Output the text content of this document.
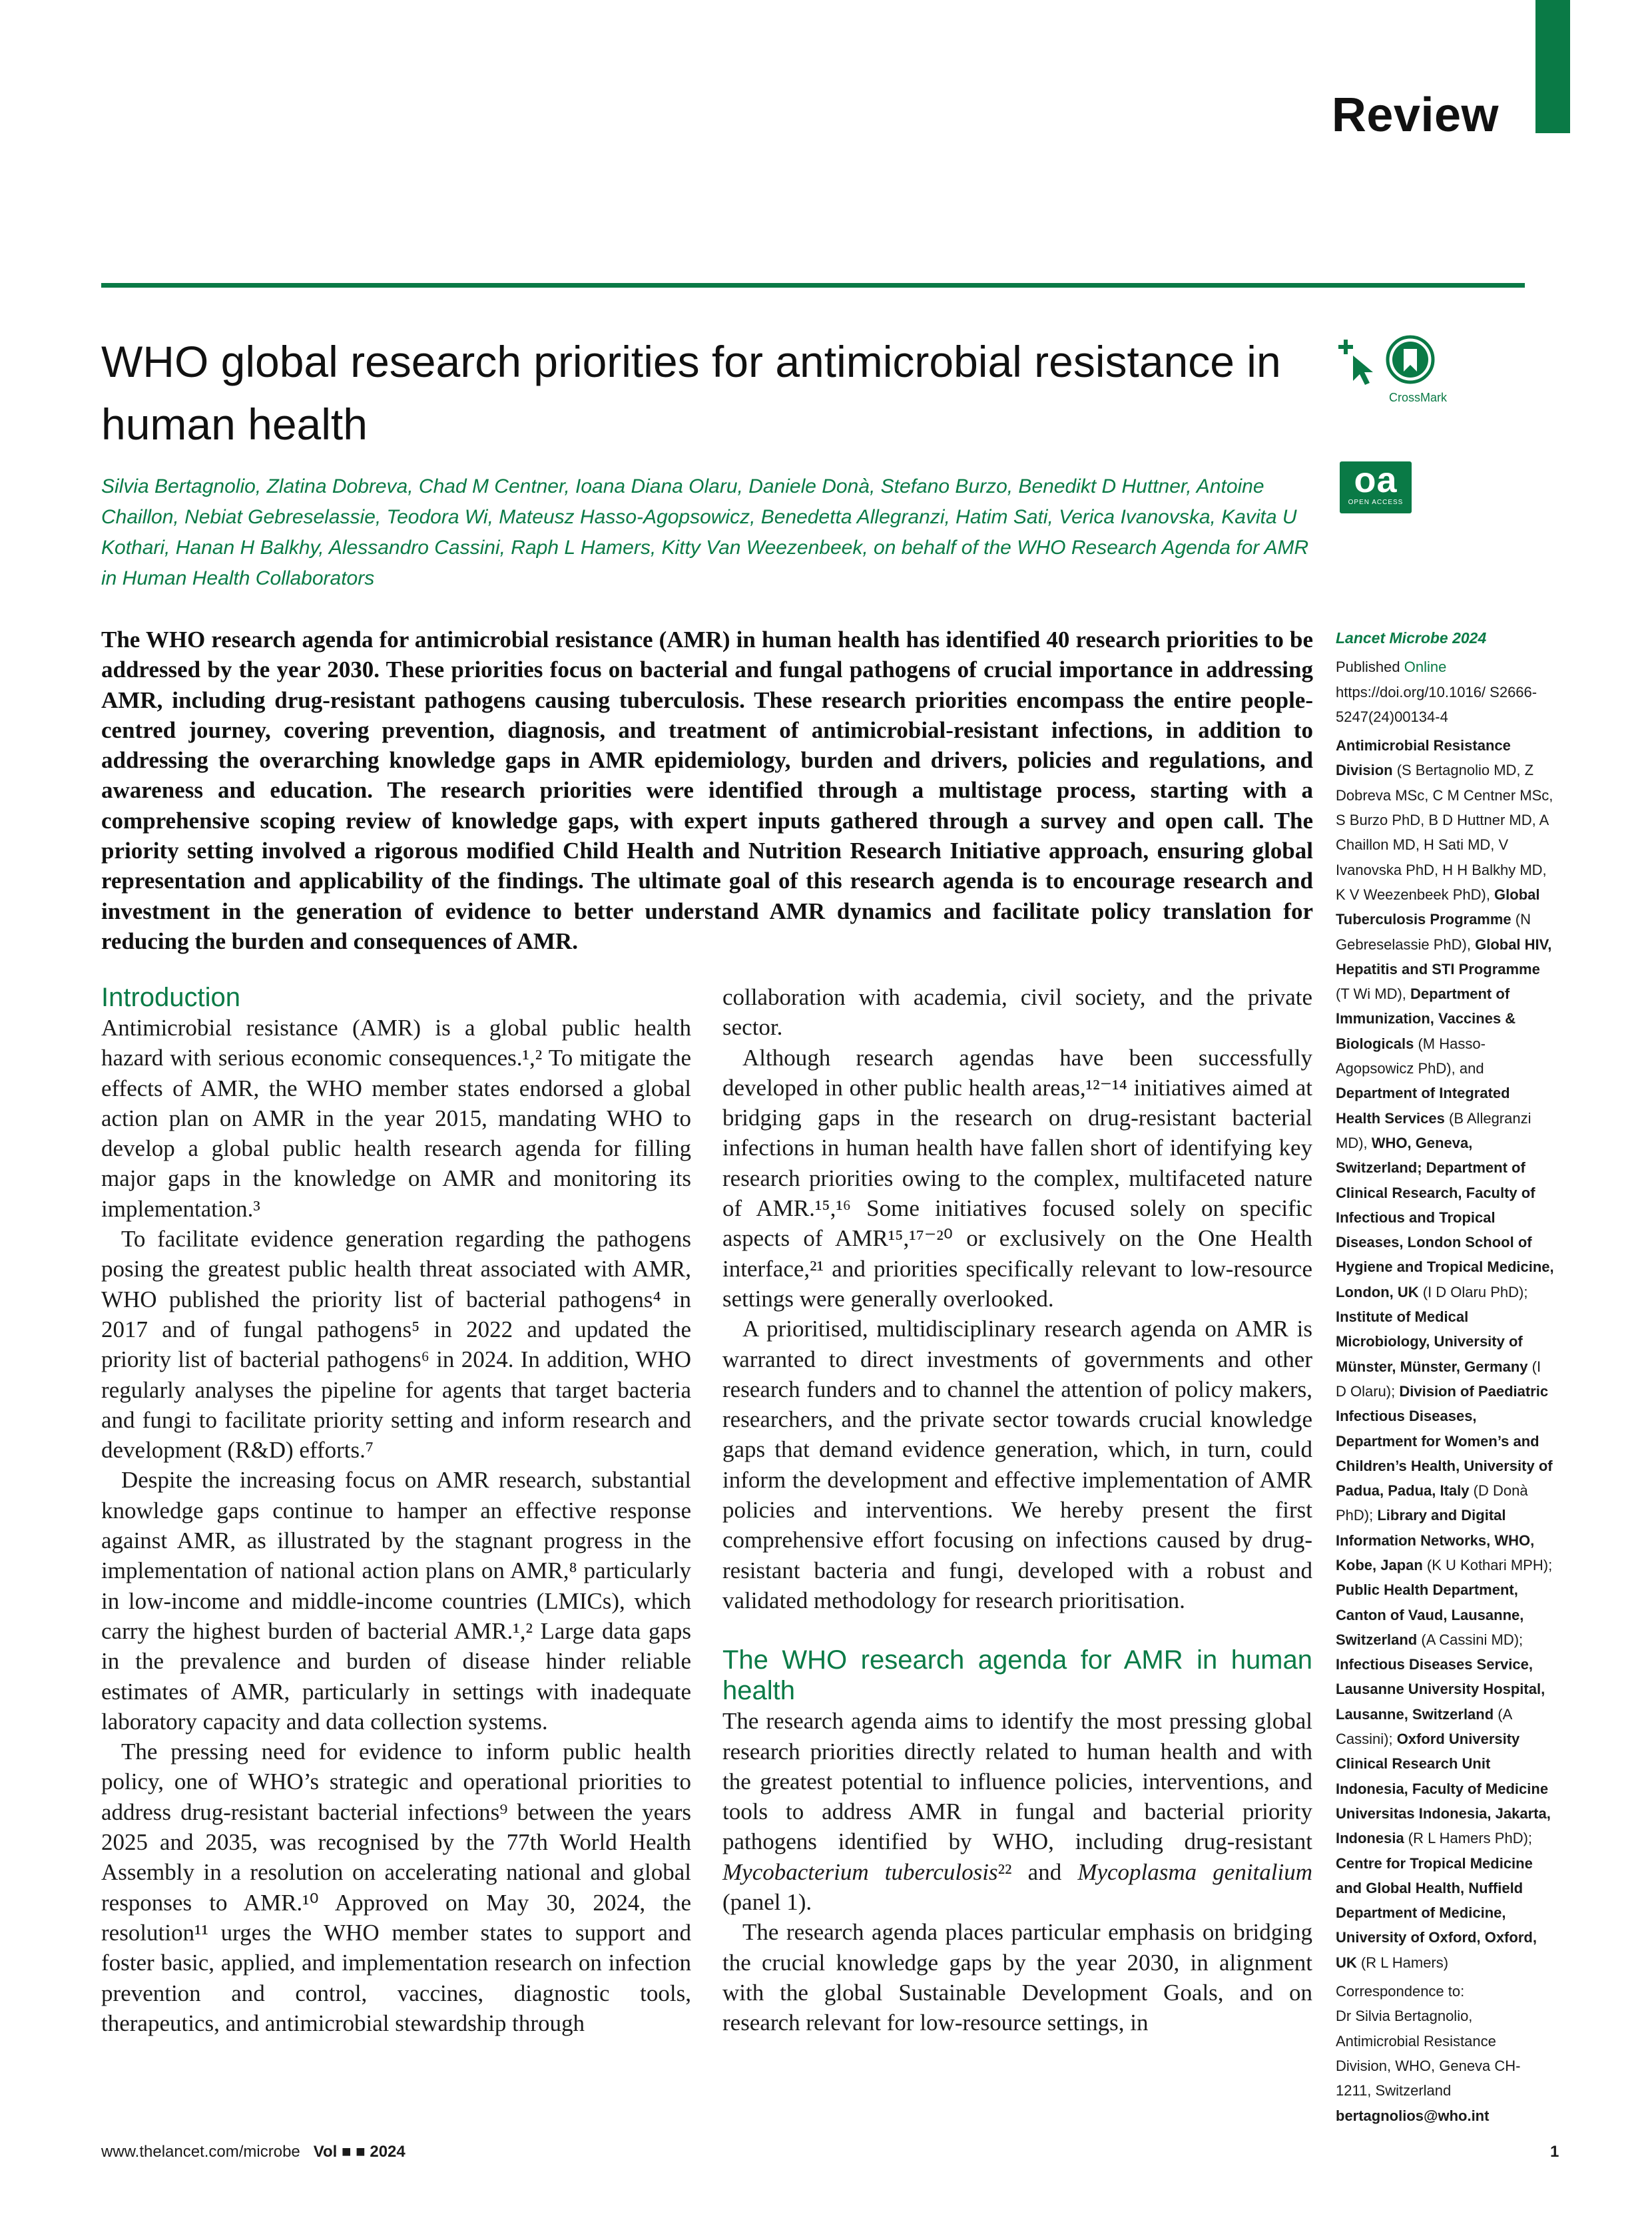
Review
WHO global research priorities for antimicrobial resistance in human health
Silvia Bertagnolio, Zlatina Dobreva, Chad M Centner, Ioana Diana Olaru, Daniele Donà, Stefano Burzo, Benedikt D Huttner, Antoine Chaillon, Nebiat Gebreselassie, Teodora Wi, Mateusz Hasso-Agopsowicz, Benedetta Allegranzi, Hatim Sati, Verica Ivanovska, Kavita U Kothari, Hanan H Balkhy, Alessandro Cassini, Raph L Hamers, Kitty Van Weezenbeek, on behalf of the WHO Research Agenda for AMR in Human Health Collaborators
CrossMark
oa
OPEN ACCESS

The WHO research agenda for antimicrobial resistance (AMR) in human health has identified 40 research priorities to be addressed by the year 2030. These priorities focus on bacterial and fungal pathogens of crucial importance in addressing AMR, including drug-resistant pathogens causing tuberculosis. These research priorities encompass the entire people-centred journey, covering prevention, diagnosis, and treatment of antimicrobial-resistant infections, in addition to addressing the overarching knowledge gaps in AMR epidemiology, burden and drivers, policies and regulations, and awareness and education. The research priorities were identified through a multistage process, starting with a comprehensive scoping review of knowledge gaps, with expert inputs gathered through a survey and open call. The priority setting involved a rigorous modified Child Health and Nutrition Research Initiative approach, ensuring global representation and applicability of the findings. The ultimate goal of this research agenda is to encourage research and investment in the generation of evidence to better understand AMR dynamics and facilitate policy translation for reducing the burden and consequences of AMR.

Introduction

Antimicrobial resistance (AMR) is a global public health hazard with serious economic consequences.¹,² To mitigate the effects of AMR, the WHO member states endorsed a global action plan on AMR in the year 2015, mandating WHO to develop a global public health research agenda for filling major gaps in the knowledge on AMR and monitoring its implementation.³

To facilitate evidence generation regarding the pathogens posing the greatest public health threat associated with AMR, WHO published the priority list of bacterial pathogens⁴ in 2017 and of fungal pathogens⁵ in 2022 and updated the priority list of bacterial pathogens⁶ in 2024. In addition, WHO regularly analyses the pipeline for agents that target bacteria and fungi to facilitate priority setting and inform research and development (R&D) efforts.⁷

Despite the increasing focus on AMR research, substantial knowledge gaps continue to hamper an effective response against AMR, as illustrated by the stagnant progress in the implementation of national action plans on AMR,⁸ particularly in low-income and middle-income countries (LMICs), which carry the highest burden of bacterial AMR.¹,² Large data gaps in the prevalence and burden of disease hinder reliable estimates of AMR, particularly in settings with inadequate laboratory capacity and data collection systems.

The pressing need for evidence to inform public health policy, one of WHO’s strategic and operational priorities to address drug-resistant bacterial infections⁹ between the years 2025 and 2035, was recognised by the 77th World Health Assembly in a resolution on accelerating national and global responses to AMR.¹⁰ Approved on May 30, 2024, the resolution¹¹ urges the WHO member states to support and foster basic, applied, and implementation research on infection prevention and control, vaccines, diagnostic tools, therapeutics, and antimicrobial stewardship through

collaboration with academia, civil society, and the private sector.

Although research agendas have been successfully developed in other public health areas,¹²⁻¹⁴ initiatives aimed at bridging gaps in the research on drug-resistant bacterial infections in human health have fallen short of identifying key research priorities owing to the complex, multifaceted nature of AMR.¹⁵,¹⁶ Some initiatives focused solely on specific aspects of AMR¹⁵,¹⁷⁻²⁰ or exclusively on the One Health interface,²¹ and priorities specifically relevant to low-resource settings were generally overlooked.

A prioritised, multidisciplinary research agenda on AMR is warranted to direct investments of governments and other research funders and to channel the attention of policy makers, researchers, and the private sector towards crucial knowledge gaps that demand evidence generation, which, in turn, could inform the development and effective implementation of AMR policies and interventions. We hereby present the first comprehensive effort focusing on infections caused by drug-resistant bacteria and fungi, developed with a robust and validated methodology for research prioritisation.

The WHO research agenda for AMR in human health

The research agenda aims to identify the most pressing global research priorities directly related to human health and with the greatest potential to influence policies, interventions, and tools to address AMR in fungal and bacterial priority pathogens identified by WHO, including drug-resistant Mycobacterium tuberculosis²² and Mycoplasma genitalium (panel 1).

The research agenda places particular emphasis on bridging the crucial knowledge gaps by the year 2030, in alignment with the global Sustainable Development Goals, and on research relevant for low-resource settings, in

Lancet Microbe 2024

Published Online

https://doi.org/10.1016/ S2666-5247(24)00134-4

Antimicrobial Resistance Division (S Bertagnolio MD, Z Dobreva MSc, C M Centner MSc, S Burzo PhD, B D Huttner MD, A Chaillon MD, H Sati MD, V Ivanovska PhD, H H Balkhy MD, K V Weezenbeek PhD), Global Tuberculosis Programme (N Gebreselassie PhD), Global HIV, Hepatitis and STI Programme (T Wi MD), Department of Immunization, Vaccines & Biologicals (M Hasso-Agopsowicz PhD), and Department of Integrated Health Services (B Allegranzi MD), WHO, Geneva, Switzerland; Department of Clinical Research, Faculty of Infectious and Tropical Diseases, London School of Hygiene and Tropical Medicine, London, UK (I D Olaru PhD); Institute of Medical Microbiology, University of Münster, Münster, Germany (I D Olaru); Division of Paediatric Infectious Diseases, Department for Women’s and Children’s Health, University of Padua, Padua, Italy (D Donà PhD); Library and Digital Information Networks, WHO, Kobe, Japan (K U Kothari MPH); Public Health Department, Canton of Vaud, Lausanne, Switzerland (A Cassini MD); Infectious Diseases Service, Lausanne University Hospital, Lausanne, Switzerland (A Cassini); Oxford University Clinical Research Unit Indonesia, Faculty of Medicine Universitas Indonesia, Jakarta, Indonesia (R L Hamers PhD); Centre for Tropical Medicine and Global Health, Nuffield Department of Medicine, University of Oxford, Oxford, UK (R L Hamers)

Correspondence to:

Dr Silvia Bertagnolio, Antimicrobial Resistance Division, WHO, Geneva CH-1211, Switzerland

bertagnolios@who.int

www.thelancet.com/microbe Vol ■ ■ 2024	1
